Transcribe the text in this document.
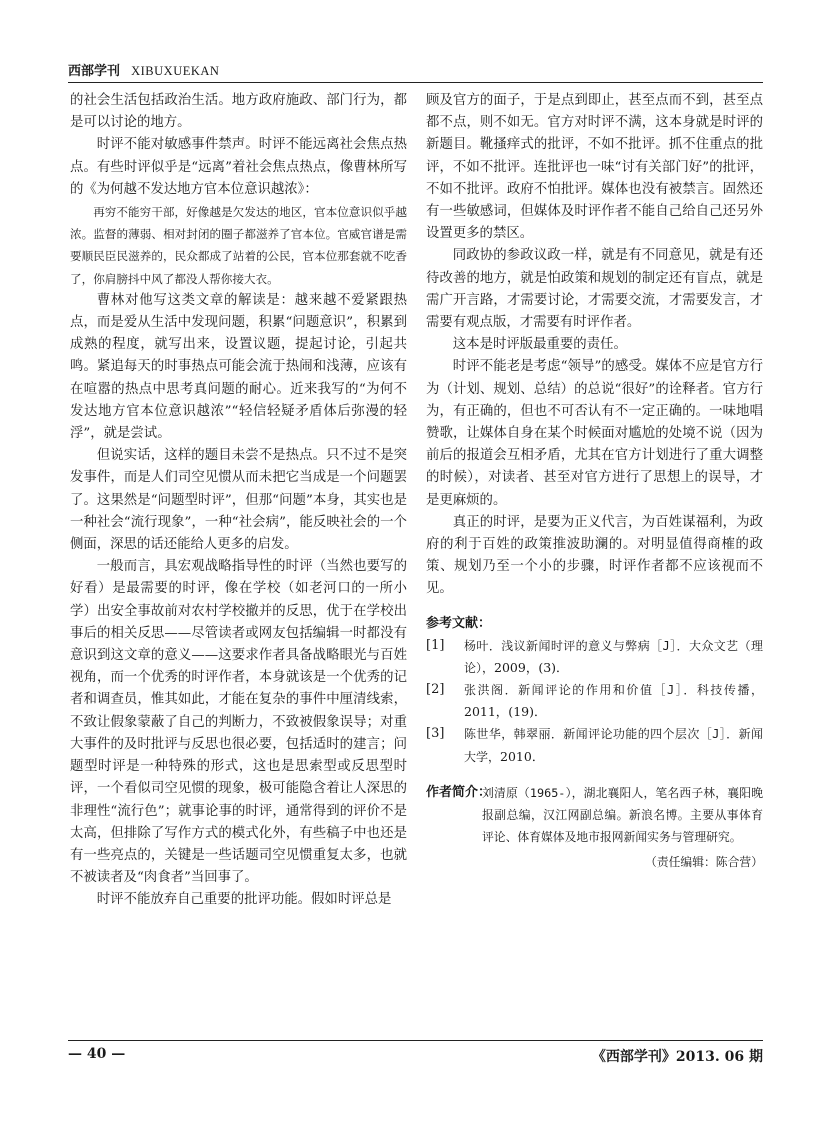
西部学刊 XIBUXUEKAN

的社会生活包括政治生活。地方政府施政、部门行为，都是可以讨论的地方。

时评不能对敏感事件禁声。时评不能远离社会焦点热点。有些时评似乎是“远离”着社会焦点热点，像曹林所写的《为何越不发达地方官本位意识越浓》：

再穷不能穷干部，好像越是欠发达的地区，官本位意识似乎越浓。监督的薄弱、相对封闭的圈子都滋养了官本位。官威官谱是需要顺民臣民滋养的，民众都成了站着的公民，官本位那套就不吃香了，你肩膀抖中风了都没人帮你接大衣。

曹林对他写这类文章的解读是：越来越不爱紧跟热点，而是爱从生活中发现问题，积累“问题意识”，积累到成熟的程度，就写出来，设置议题，提起讨论，引起共鸣。紧追每天的时事热点可能会流于热闹和浅薄，应该有在喧嚣的热点中思考真问题的耐心。近来我写的“为何不发达地方官本位意识越浓”“轻信轻疑矛盾体后弥漫的轻浮”，就是尝试。

但说实话，这样的题目未尝不是热点。只不过不是突发事件，而是人们司空见惯从而未把它当成是一个问题罢了。这果然是“问题型时评”，但那“问题”本身，其实也是一种社会“流行现象”，一种“社会病”，能反映社会的一个侧面，深思的话还能给人更多的启发。

一般而言，具宏观战略指导性的时评（当然也要写的好看）是最需要的时评，像在学校（如老河口的一所小学）出安全事故前对农村学校撤并的反思，优于在学校出事后的相关反思——尽管读者或网友包括编辑一时都没有意识到这文章的意义——这要求作者具备战略眼光与百姓视角，而一个优秀的时评作者，本身就该是一个优秀的记者和调查员，惟其如此，才能在复杂的事件中厘清线索，不致让假象蒙蔽了自己的判断力，不致被假象误导；对重大事件的及时批评与反思也很必要，包括适时的建言；问题型时评是一种特殊的形式，这也是思索型或反思型时评，一个看似司空见惯的现象，极可能隐含着让人深思的非理性“流行色”；就事论事的时评，通常得到的评价不是太高，但排除了写作方式的模式化外，有些稿子中也还是有一些亮点的，关键是一些话题司空见惯重复太多，也就不被读者及“肉食者”当回事了。

时评不能放弃自己重要的批评功能。假如时评总是

顾及官方的面子，于是点到即止，甚至点而不到，甚至点都不点，则不如无。官方对时评不满，这本身就是时评的新题目。靴搔痒式的批评，不如不批评。抓不住重点的批评，不如不批评。连批评也一味“讨有关部门好”的批评，不如不批评。政府不怕批评。媒体也没有被禁言。固然还有一些敏感词，但媒体及时评作者不能自己给自己还另外设置更多的禁区。

同政协的参政议政一样，就是有不同意见，就是有还待改善的地方，就是怕政策和规划的制定还有盲点，就是需广开言路，才需要讨论，才需要交流，才需要发言，才需要有观点版，才需要有时评作者。

这本是时评版最重要的责任。

时评不能老是考虑“领导”的感受。媒体不应是官方行为（计划、规划、总结）的总说“很好”的诠释者。官方行为，有正确的，但也不可否认有不一定正确的。一味地唱赞歌，让媒体自身在某个时候面对尴尬的处境不说（因为前后的报道会互相矛盾，尤其在官方计划进行了重大调整的时候），对读者、甚至对官方进行了思想上的误导，才是更麻烦的。

真正的时评，是要为正义代言，为百姓谋福利，为政府的利于百姓的政策推波助澜的。对明显值得商榷的政策、规划乃至一个小的步骤，时评作者都不应该视而不见。

参考文献：
[1] 杨叶．浅议新闻时评的意义与弊病［J］．大众文艺（理论），2009，(3)．
[2] 张洪阁．新闻评论的作用和价值［J］．科技传播，2011，(19)．
[3] 陈世华，韩翠丽．新闻评论功能的四个层次［J］．新闻大学，2010．
作者简介：
刘清原（1965-），湖北襄阳人，笔名西子林，襄阳晚报副总编，汉江网副总编。新浪名博。主要从事体育评论、体育媒体及地市报网新闻实务与管理研究。
（责任编辑：陈合营）
— 40 —	《西部学刊》2013. 06 期
